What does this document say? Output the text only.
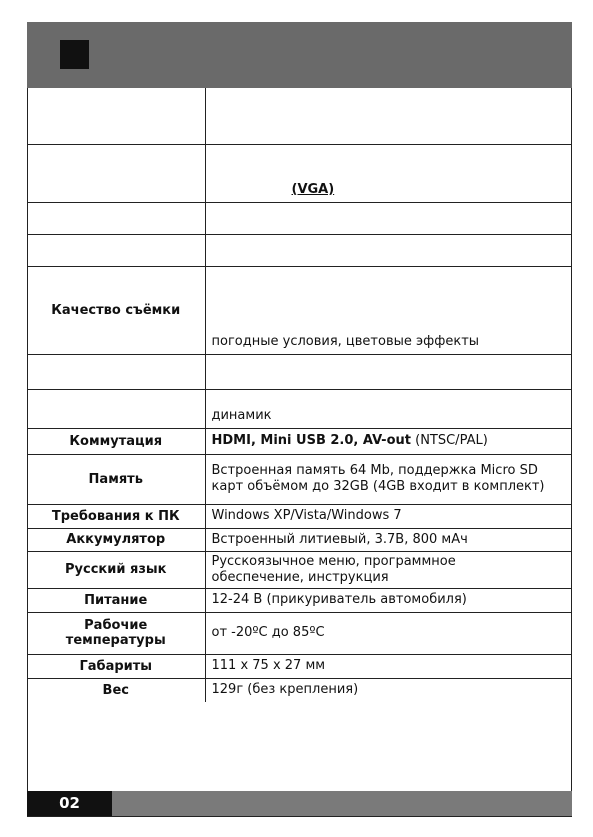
	(VGA)

Качество съёмки	погодные условия, цветовые эффекты

	динамик
Коммутация	HDMI, Mini USB 2.0, AV-out (NTSC/PAL)
Память	Встроенная память 64 Mb, поддержка Micro SD
карт объёмом до 32GB (4GB входит в комплект)

Требования к ПК	Windows XP/Vista/Windows 7
Аккумулятор	Встроенный литиевый, 3.7В, 800 мАч
Русский язык	Русскоязычное меню, программное
обеспечение, инструкция

Питание	12-24 В (прикуриватель автомобиля)

Рабочие
температуры	от -20ºС до 85ºС
Габариты	111 х 75 х 27 мм
Вес	129г (без крепления)
02
